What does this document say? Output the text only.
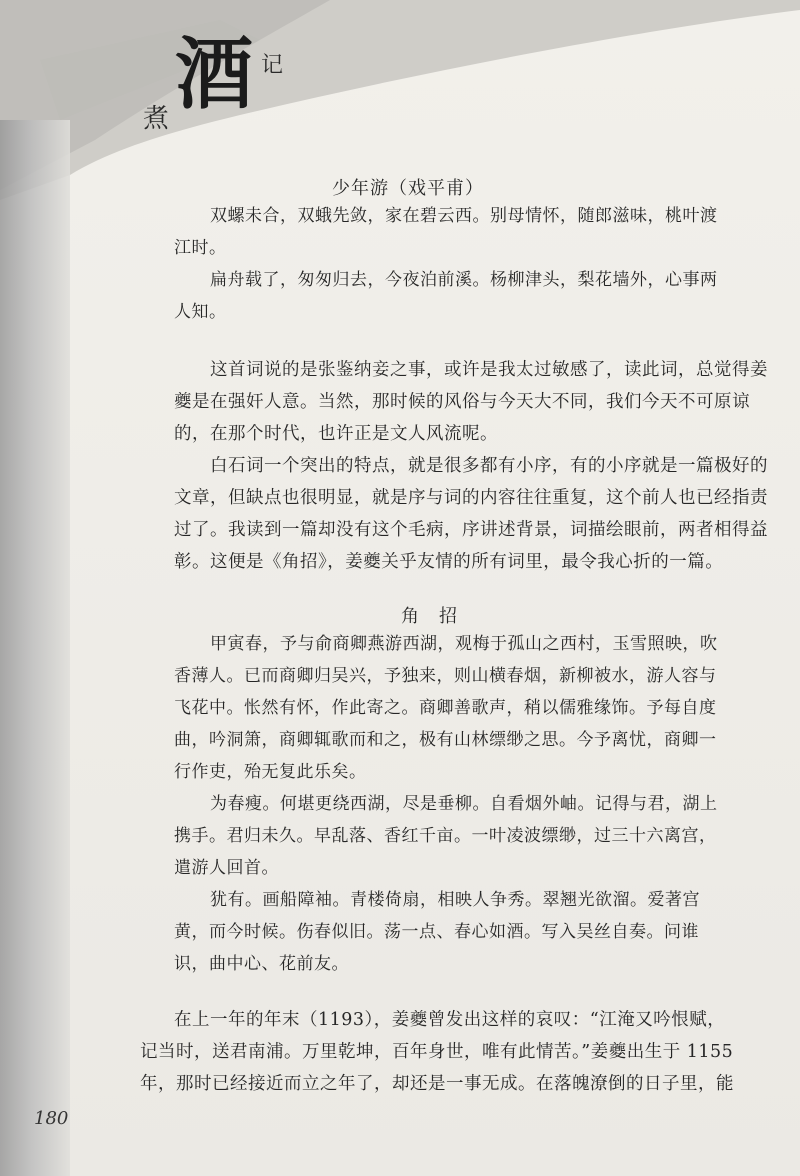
煮 酒 记
少年游（戏平甫）
双螺未合，双蛾先敛，家在碧云西。别母情怀，随郎滋味，桃叶渡
江时。
扁舟载了，匆匆归去，今夜泊前溪。杨柳津头，梨花墙外，心事两
人知。
这首词说的是张鉴纳妾之事，或许是我太过敏感了，读此词，总觉得姜
夔是在强奸人意。当然，那时候的风俗与今天大不同，我们今天不可原谅
的，在那个时代，也许正是文人风流呢。
白石词一个突出的特点，就是很多都有小序，有的小序就是一篇极好的
文章，但缺点也很明显，就是序与词的内容往往重复，这个前人也已经指责
过了。我读到一篇却没有这个毛病，序讲述背景，词描绘眼前，两者相得益
彰。这便是《角招》，姜夔关乎友情的所有词里，最令我心折的一篇。
角　招
甲寅春，予与俞商卿燕游西湖，观梅于孤山之西村，玉雪照映，吹
香薄人。已而商卿归吴兴，予独来，则山横春烟，新柳被水，游人容与
飞花中。怅然有怀，作此寄之。商卿善歌声，稍以儒雅缘饰。予每自度
曲，吟洞箫，商卿辄歌而和之，极有山林缥缈之思。今予离忧，商卿一
行作吏，殆无复此乐矣。
为春瘦。何堪更绕西湖，尽是垂柳。自看烟外岫。记得与君，湖上
携手。君归未久。早乱落、香红千亩。一叶凌波缥缈，过三十六离宫，
遣游人回首。
犹有。画船障袖。青楼倚扇，相映人争秀。翠翘光欲溜。爱著宫
黄，而今时候。伤春似旧。荡一点、春心如酒。写入吴丝自奏。问谁
识，曲中心、花前友。
在上一年的年末（1193），姜夔曾发出这样的哀叹：“江淹又吟恨赋，
记当时，送君南浦。万里乾坤，百年身世，唯有此情苦。”姜夔出生于 1155
年，那时已经接近而立之年了，却还是一事无成。在落魄潦倒的日子里，能
180
